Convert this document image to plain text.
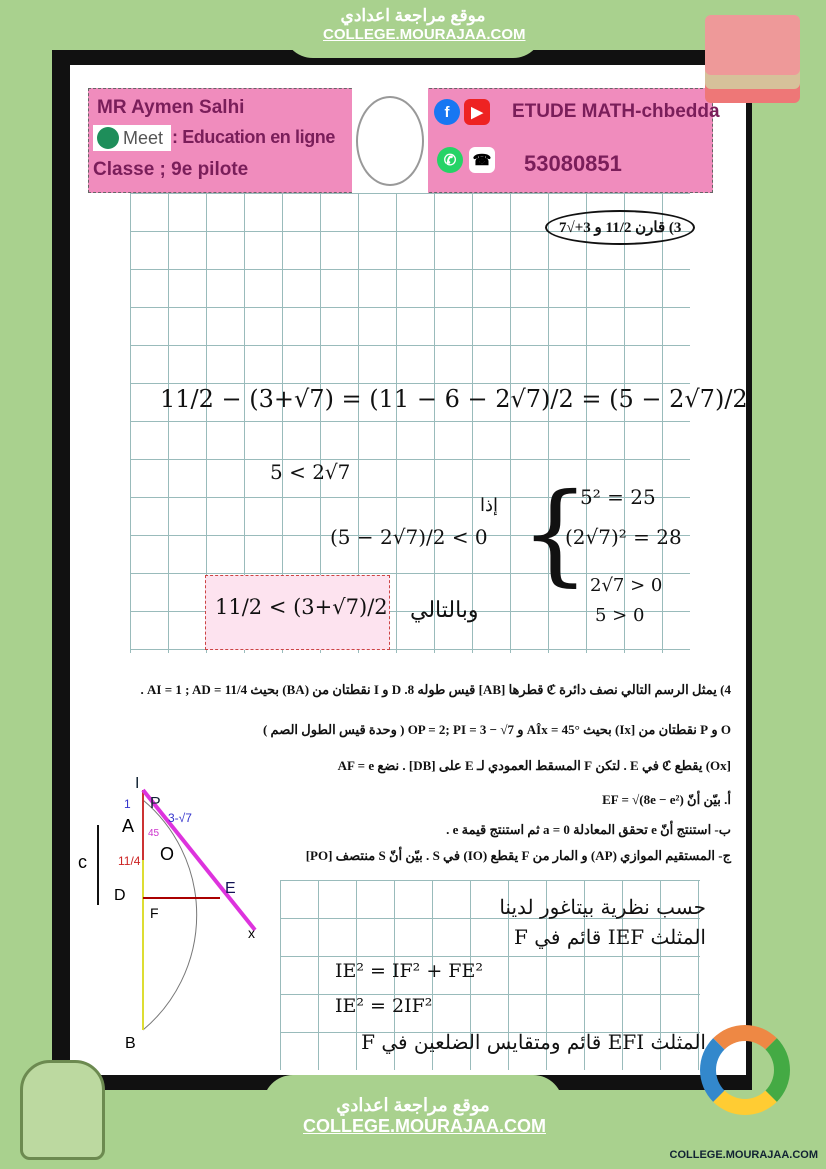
موقع مراجعة اعدادي
COLLEGE.MOURAJAA.COM
MR Aymen Salhi
Meet : Education en ligne
Classe ; 9e pilote
f	▶	ETUDE MATH-chbedda
✆	☎ 53080851
3) قارن 11/2 و 3+√7
11/2 − (3+√7) = (11 − 6 − 2√7)/2 = (5 − 2√7)/2
5 < 2√7
(5 − 2√7)/2 < 0
إذا {
5² = 25
(2√7)² = 28
2√7 > 0
5 > 0
11/2 < (3+√7)/2 وبالتالي
4) يمثل الرسم التالي نصف دائرة ℭ قطرها [AB] قيس طوله 8. D و I نقطتان من (BA) بحيث AI = 1 ; AD = 11/4 .
O و P نقطتان من [Ix) بحيث AÎx = 45° و OP = 2; PI = 3 − √7 ( وحدة قيس الطول الصم )
[Ox) يقطع ℭ في E . لتكن F المسقط العمودي لـ E على [DB] . نضع AF = e
أ. بيّن أنّ EF = √(8e − e²)
ب- استنتج أنّ e تحقق المعادلة 0 = a ثم استنتج قيمة e .
ج- المستقيم الموازي (AP) و المار من F يقطع (IO) في S . بيّن أنّ S منتصف [PO]
I
P
3-√7
1
A 45
O
11/4
c
D
F
E
x
B
حسب نظرية بيتاغور لدينا
المثلث IEF قائم في F
IE² = IF² + FE²
IE² = 2IF²
المثلث EFI قائم ومتقايس الضلعين في F
موقع مراجعة اعدادي
COLLEGE.MOURAJAA.COM
COLLEGE.MOURAJAA.COM
